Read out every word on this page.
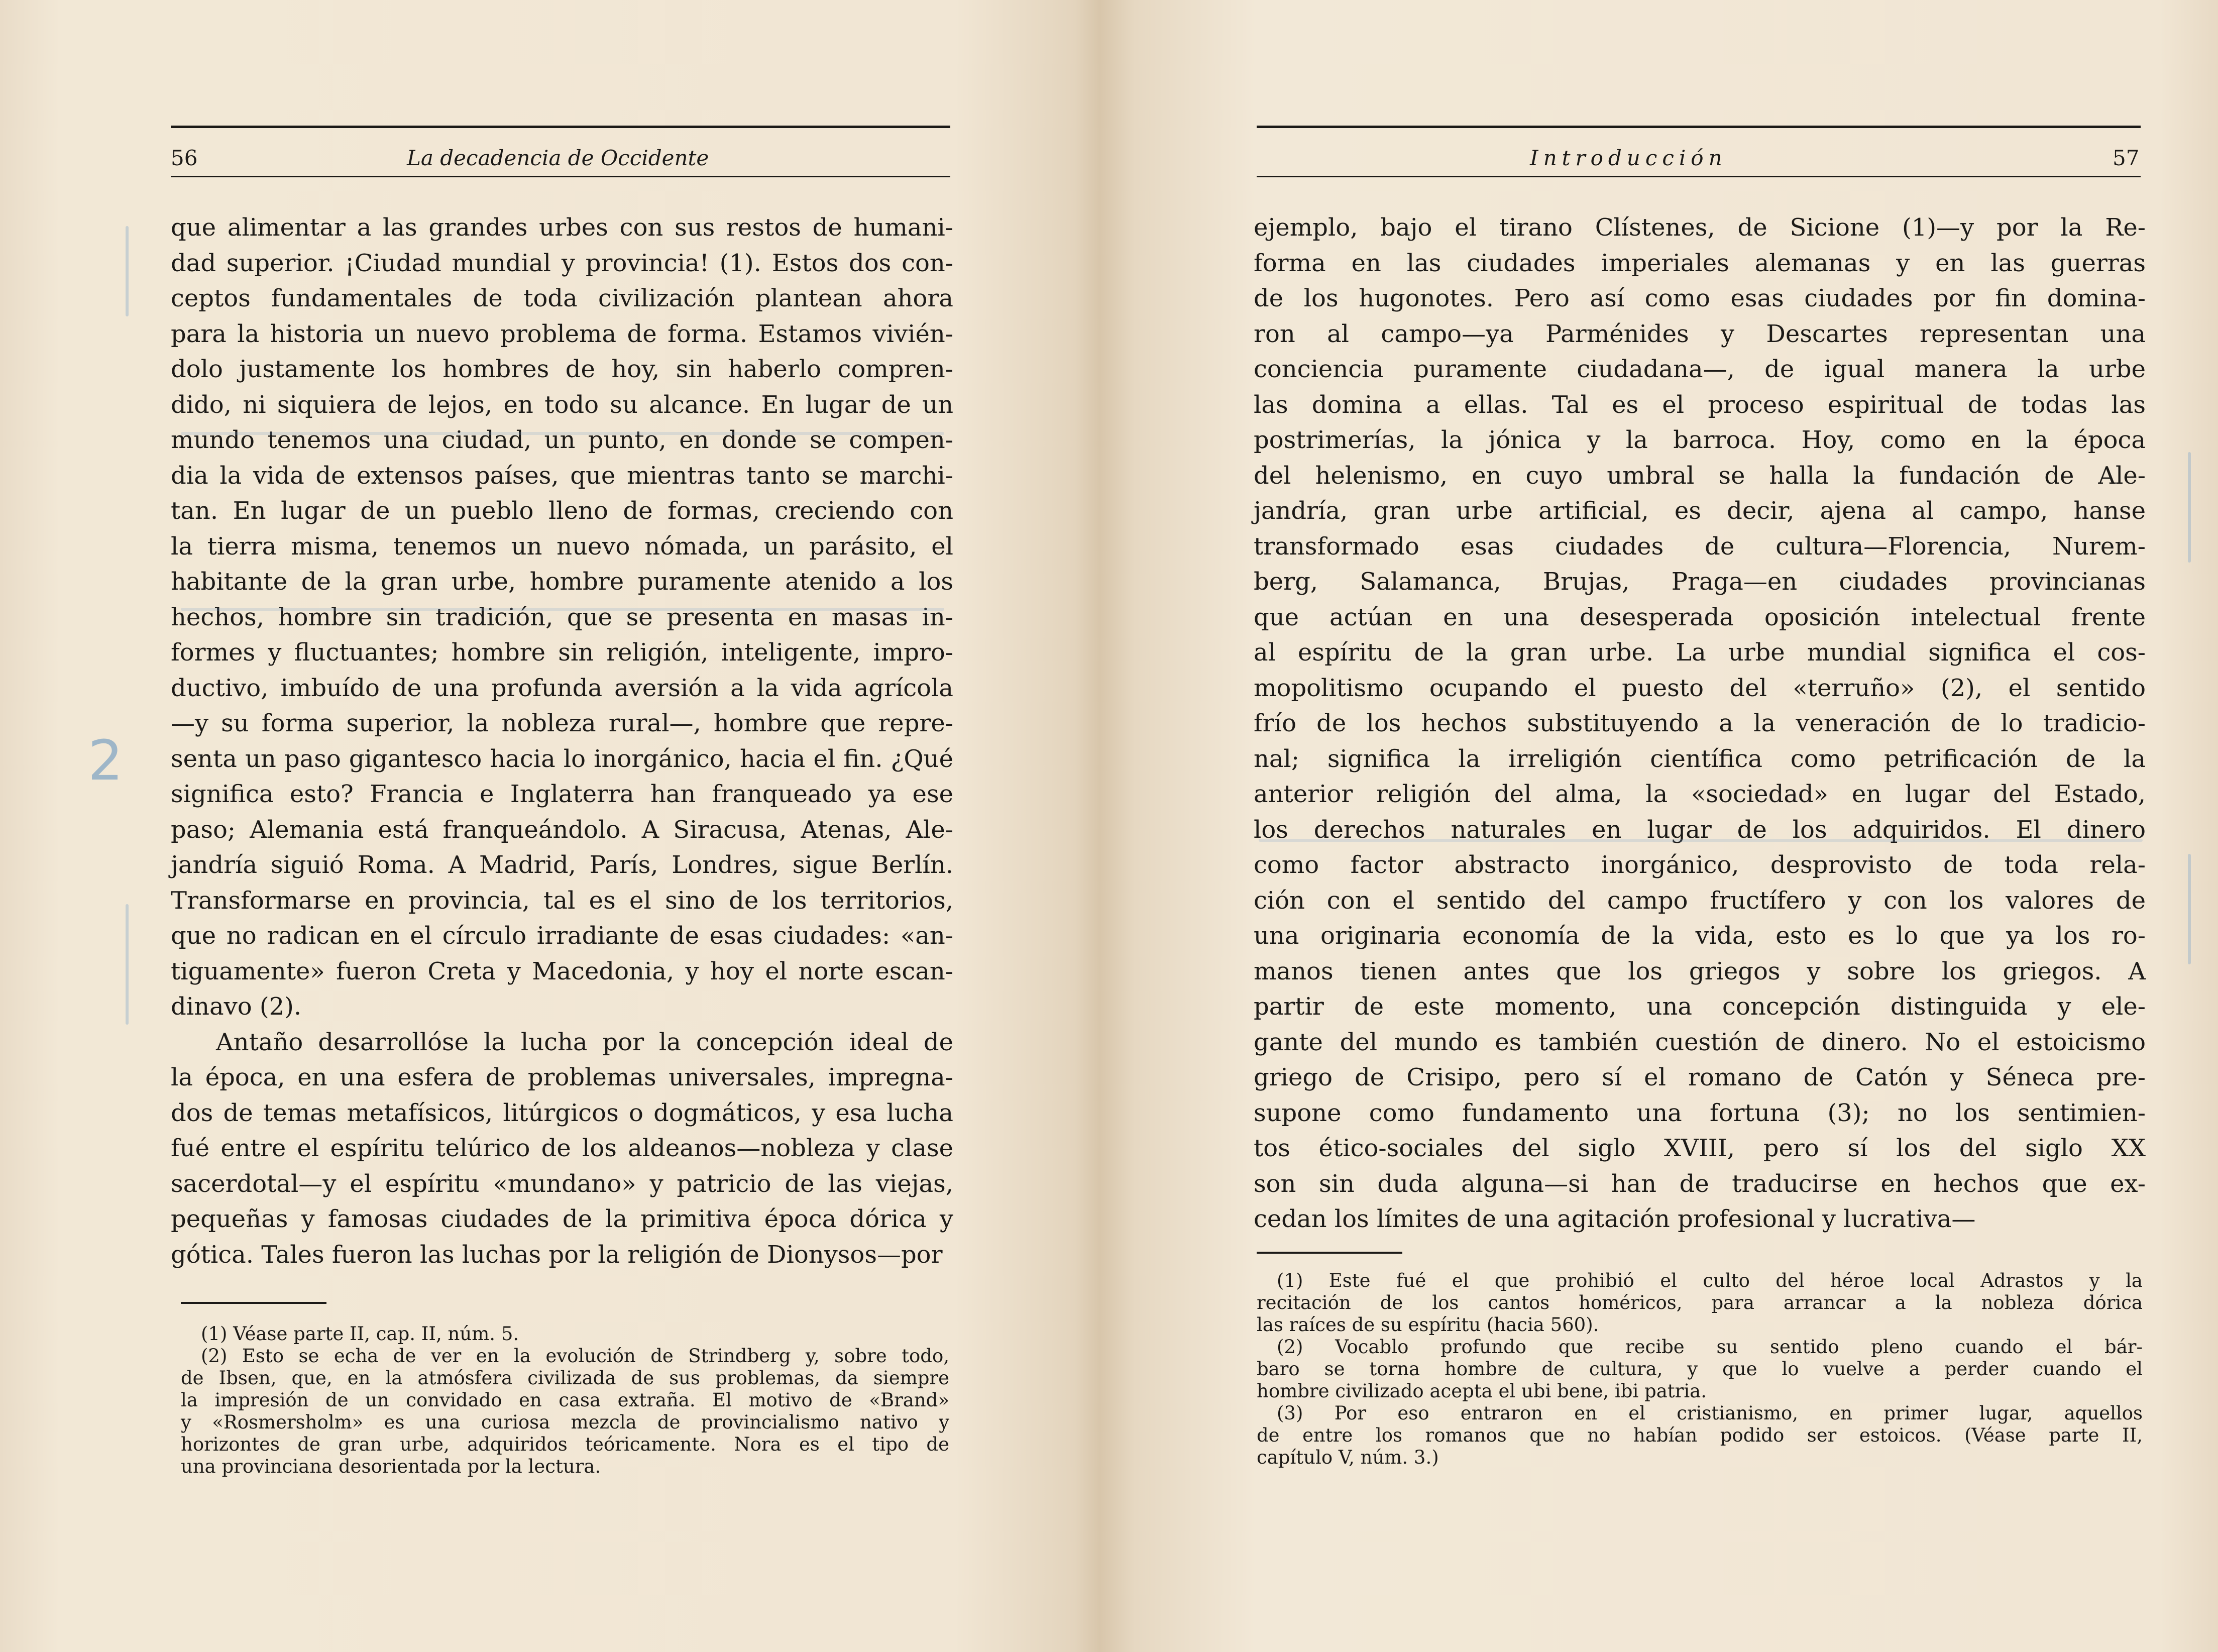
56	La decadencia de Occidente
que alimentar a las grandes urbes con sus restos de humani-
dad superior. ¡Ciudad mundial y provincia! (1). Estos dos con-
ceptos fundamentales de toda civilización plantean ahora
para la historia un nuevo problema de forma. Estamos vivién-
dolo justamente los hombres de hoy, sin haberlo compren-
dido, ni siquiera de lejos, en todo su alcance. En lugar de un
mundo tenemos una ciudad, un punto, en donde se compen-
dia la vida de extensos países, que mientras tanto se marchi-
tan. En lugar de un pueblo lleno de formas, creciendo con
la tierra misma, tenemos un nuevo nómada, un parásito, el
habitante de la gran urbe, hombre puramente atenido a los
hechos, hombre sin tradición, que se presenta en masas in-
formes y fluctuantes; hombre sin religión, inteligente, impro-
ductivo, imbuído de una profunda aversión a la vida agrícola
—y su forma superior, la nobleza rural—, hombre que repre-
senta un paso gigantesco hacia lo inorgánico, hacia el fin. ¿Qué
significa esto? Francia e Inglaterra han franqueado ya ese
paso; Alemania está franqueándolo. A Siracusa, Atenas, Ale-
jandría siguió Roma. A Madrid, París, Londres, sigue Berlín.
Transformarse en provincia, tal es el sino de los territorios,
que no radican en el círculo irradiante de esas ciudades: «an-
tiguamente» fueron Creta y Macedonia, y hoy el norte escan-
dinavo (2).
Antaño desarrollóse la lucha por la concepción ideal de
la época, en una esfera de problemas universales, impregna-
dos de temas metafísicos, litúrgicos o dogmáticos, y esa lucha
fué entre el espíritu telúrico de los aldeanos—nobleza y clase
sacerdotal—y el espíritu «mundano» y patricio de las viejas,
pequeñas y famosas ciudades de la primitiva época dórica y
gótica. Tales fueron las luchas por la religión de Dionysos—por
(1) Véase parte II, cap. II, núm. 5.
(2) Esto se echa de ver en la evolución de Strindberg y, sobre todo,
de Ibsen, que, en la atmósfera civilizada de sus problemas, da siempre
la impresión de un convidado en casa extraña. El motivo de «Brand»
y «Rosmersholm» es una curiosa mezcla de provincialismo nativo y
horizontes de gran urbe, adquiridos teóricamente. Nora es el tipo de
una provinciana desorientada por la lectura.
2
Introducción	57
ejemplo, bajo el tirano Clístenes, de Sicione (1)—y por la Re-
forma en las ciudades imperiales alemanas y en las guerras
de los hugonotes. Pero así como esas ciudades por fin domina-
ron al campo—ya Parménides y Descartes representan una
conciencia puramente ciudadana—, de igual manera la urbe
las domina a ellas. Tal es el proceso espiritual de todas las
postrimerías, la jónica y la barroca. Hoy, como en la época
del helenismo, en cuyo umbral se halla la fundación de Ale-
jandría, gran urbe artificial, es decir, ajena al campo, hanse
transformado esas ciudades de cultura—Florencia, Nurem-
berg, Salamanca, Brujas, Praga—en ciudades provincianas
que actúan en una desesperada oposición intelectual frente
al espíritu de la gran urbe. La urbe mundial significa el cos-
mopolitismo ocupando el puesto del «terruño» (2), el sentido
frío de los hechos substituyendo a la veneración de lo tradicio-
nal; significa la irreligión científica como petrificación de la
anterior religión del alma, la «sociedad» en lugar del Estado,
los derechos naturales en lugar de los adquiridos. El dinero
como factor abstracto inorgánico, desprovisto de toda rela-
ción con el sentido del campo fructífero y con los valores de
una originaria economía de la vida, esto es lo que ya los ro-
manos tienen antes que los griegos y sobre los griegos. A
partir de este momento, una concepción distinguida y ele-
gante del mundo es también cuestión de dinero. No el estoicismo
griego de Crisipo, pero sí el romano de Catón y Séneca pre-
supone como fundamento una fortuna (3); no los sentimien-
tos ético-sociales del siglo XVIII, pero sí los del siglo XX
son sin duda alguna—si han de traducirse en hechos que ex-
cedan los límites de una agitación profesional y lucrativa—
(1) Este fué el que prohibió el culto del héroe local Adrastos y la
recitación de los cantos homéricos, para arrancar a la nobleza dórica
las raíces de su espíritu (hacia 560).
(2) Vocablo profundo que recibe su sentido pleno cuando el bár-
baro se torna hombre de cultura, y que lo vuelve a perder cuando el
hombre civilizado acepta el ubi bene, ibi patria.
(3) Por eso entraron en el cristianismo, en primer lugar, aquellos
de entre los romanos que no habían podido ser estoicos. (Véase parte II,
capítulo V, núm. 3.)
